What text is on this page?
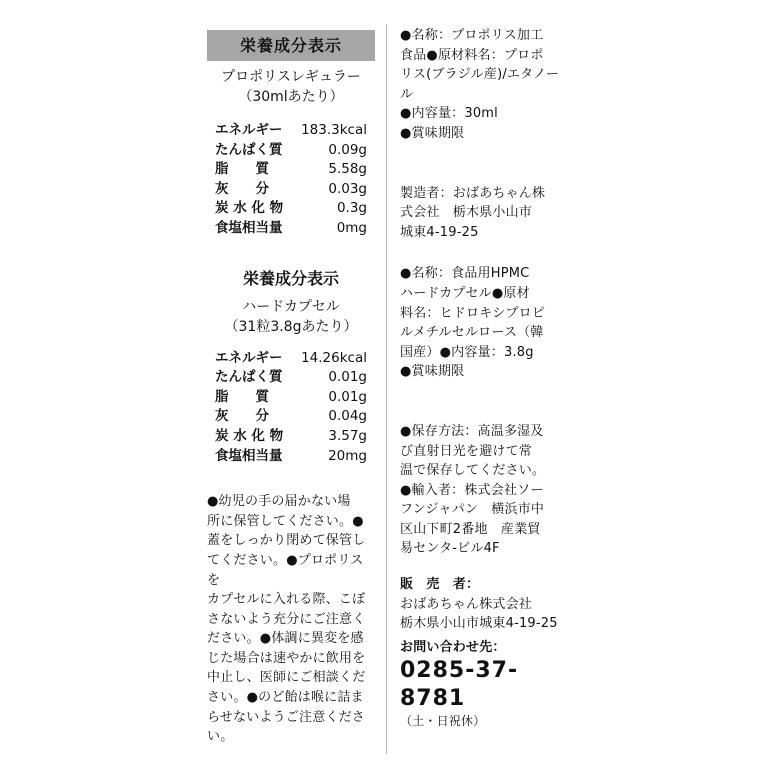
栄養成分表示
プロポリスレギュラー
（30mlあたり）
エネルギー	183.3kcal
たんぱく質	0.09g
脂　　質	5.58g
灰　　分	0.03g
炭 水 化 物	0.3g
食塩相当量	0mg
栄養成分表示
ハードカプセル
（31粒3.8gあたり）
エネルギー	14.26kcal
たんぱく質	0.01g
脂　　質	0.01g
灰　　分	0.04g
炭 水 化 物	3.57g
食塩相当量	20mg
●幼児の手の届かない場
所に保管してください。●
蓋をしっかり閉めて保管し
てください。●プロポリスを
カプセルに入れる際、こぼ
さないよう充分にご注意く
ださい。●体調に異変を感
じた場合は速やかに飲用を
中止し、医師にご相談くだ
さい。●のど飴は喉に詰ま
らせないようご注意くださ
い。
●名称：プロポリス加工
食品●原材料名：プロポ
リス(ブラジル産)/エタノール
●内容量：30ml
●賞味期限
製造者：おばあちゃん株
式会社　栃木県小山市
城東4-19-25
●名称：食品用HPMC
ハードカプセル●原材
料名：ヒドロキシプロピ
ルメチルセルロース（韓
国産）●内容量：3.8g
●賞味期限
●保存方法：高温多湿及
び直射日光を避けて常
温で保存してください。
●輸入者：株式会社ソー
フンジャパン　横浜市中
区山下町2番地　産業貿
易センタ-ビル4F
販　売　者：
おばあちゃん株式会社
栃木県小山市城東4-19-25
お問い合わせ先：
0285-37-8781
（土・日祝休）
